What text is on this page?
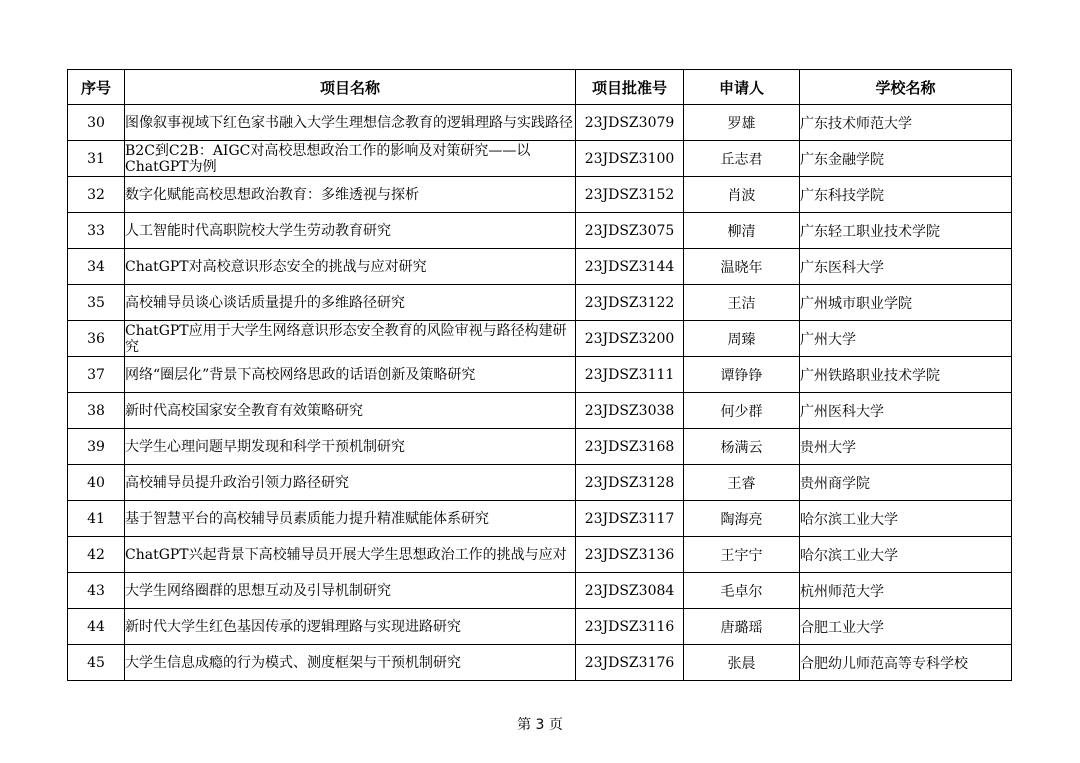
序号	项目名称	项目批准号	申请人	学校名称
30	图像叙事视域下红色家书融入大学生理想信念教育的逻辑理路与实践路径	23JDSZ3079	罗雄	广东技术师范大学
31	B2C到C2B：AIGC对高校思想政治工作的影响及对策研究——以ChatGPT为例	23JDSZ3100	丘志君	广东金融学院
32	数字化赋能高校思想政治教育：多维透视与探析	23JDSZ3152	肖波	广东科技学院
33	人工智能时代高职院校大学生劳动教育研究	23JDSZ3075	柳清	广东轻工职业技术学院
34	ChatGPT对高校意识形态安全的挑战与应对研究	23JDSZ3144	温晓年	广东医科大学
35	高校辅导员谈心谈话质量提升的多维路径研究	23JDSZ3122	王洁	广州城市职业学院
36	ChatGPT应用于大学生网络意识形态安全教育的风险审视与路径构建研究	23JDSZ3200	周臻	广州大学
37	网络“圈层化”背景下高校网络思政的话语创新及策略研究	23JDSZ3111	谭铮铮	广州铁路职业技术学院
38	新时代高校国家安全教育有效策略研究	23JDSZ3038	何少群	广州医科大学
39	大学生心理问题早期发现和科学干预机制研究	23JDSZ3168	杨满云	贵州大学
40	高校辅导员提升政治引领力路径研究	23JDSZ3128	王睿	贵州商学院
41	基于智慧平台的高校辅导员素质能力提升精准赋能体系研究	23JDSZ3117	陶海亮	哈尔滨工业大学
42	ChatGPT兴起背景下高校辅导员开展大学生思想政治工作的挑战与应对	23JDSZ3136	王宇宁	哈尔滨工业大学
43	大学生网络圈群的思想互动及引导机制研究	23JDSZ3084	毛卓尔	杭州师范大学
44	新时代大学生红色基因传承的逻辑理路与实现进路研究	23JDSZ3116	唐璐瑶	合肥工业大学
45	大学生信息成瘾的行为模式、测度框架与干预机制研究	23JDSZ3176	张晨	合肥幼儿师范高等专科学校
第 3 页
